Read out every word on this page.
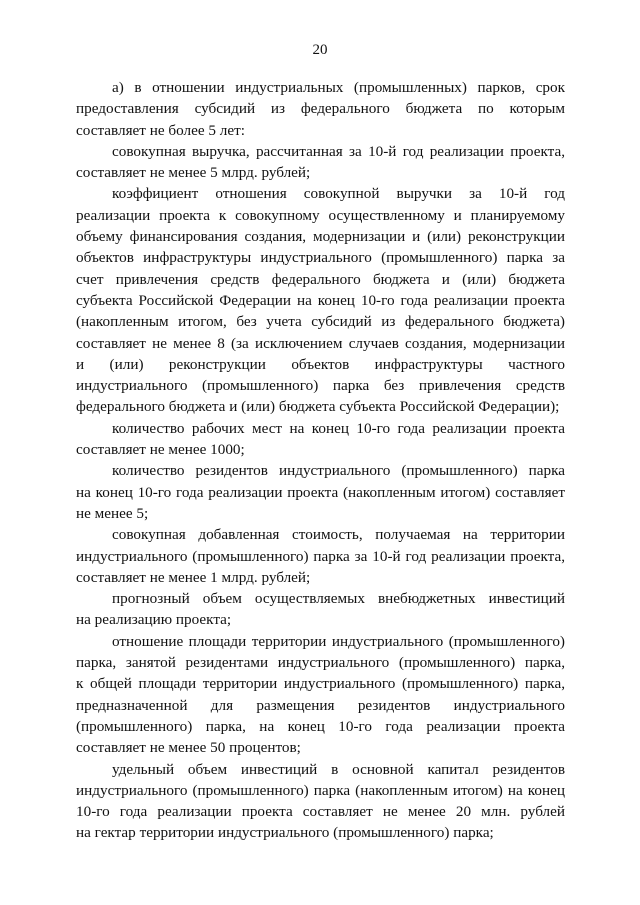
20

а) в отношении индустриальных (промышленных) парков, срок
предоставления субсидий из федерального бюджета по которым
составляет не более 5 лет:

совокупная выручка, рассчитанная за 10-й год реализации проекта,
составляет не менее 5 млрд. рублей;

коэффициент отношения совокупной выручки за 10-й год
реализации проекта к совокупному осуществленному и планируемому
объему финансирования создания, модернизации и (или) реконструкции
объектов инфраструктуры индустриального (промышленного) парка за
счет привлечения средств федерального бюджета и (или) бюджета
субъекта Российской Федерации на конец 10-го года реализации проекта
(накопленным итогом, без учета субсидий из федерального бюджета)
составляет не менее 8 (за исключением случаев создания, модернизации
и (или) реконструкции объектов инфраструктуры частного
индустриального (промышленного) парка без привлечения средств
федерального бюджета и (или) бюджета субъекта Российской Федерации);

количество рабочих мест на конец 10-го года реализации проекта
составляет не менее 1000;

количество резидентов индустриального (промышленного) парка
на конец 10-го года реализации проекта (накопленным итогом) составляет
не менее 5;

совокупная добавленная стоимость, получаемая на территории
индустриального (промышленного) парка за 10-й год реализации проекта,
составляет не менее 1 млрд. рублей;

прогнозный объем осуществляемых внебюджетных инвестиций
на реализацию проекта;

отношение площади территории индустриального (промышленного)
парка, занятой резидентами индустриального (промышленного) парка,
к общей площади территории индустриального (промышленного) парка,
предназначенной для размещения резидентов индустриального
(промышленного) парка, на конец 10-го года реализации проекта
составляет не менее 50 процентов;

удельный объем инвестиций в основной капитал резидентов
индустриального (промышленного) парка (накопленным итогом) на конец
10-го года реализации проекта составляет не менее 20 млн. рублей
на гектар территории индустриального (промышленного) парка;
